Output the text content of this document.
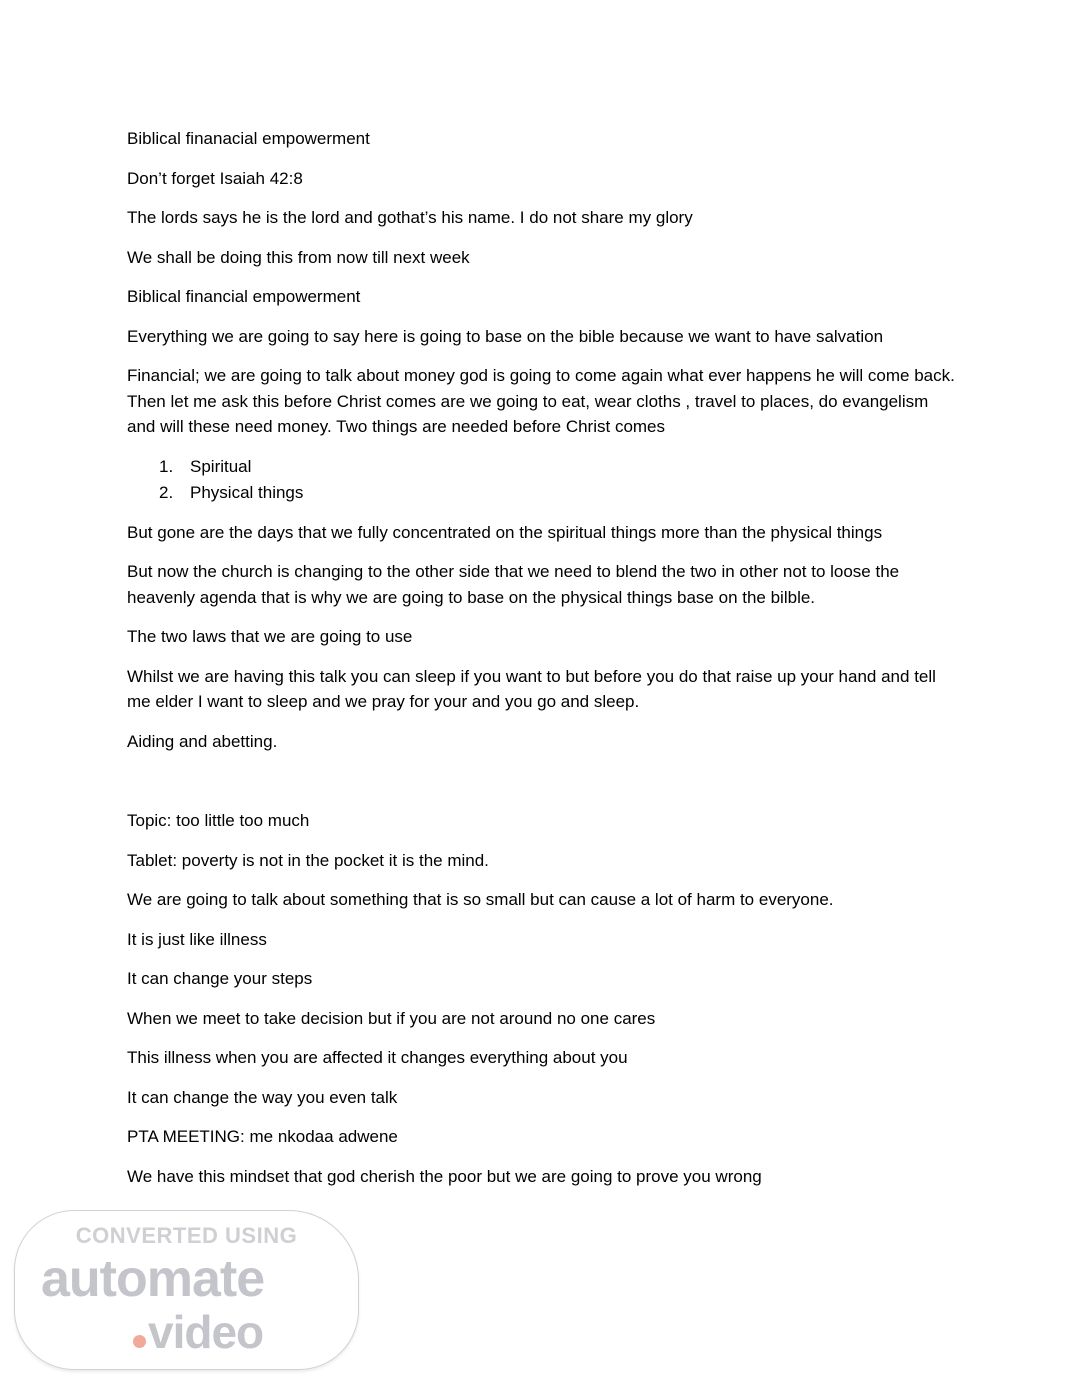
Biblical finanacial empowerment

Don’t forget Isaiah 42:8

The lords says he is the lord and gothat’s his name. I do not share my glory

We shall be doing this from now till next week

Biblical financial empowerment

Everything we are going to say here is going to base on the bible because we want to have salvation

Financial; we are going to talk about money god is going to come again what ever happens he will come back. Then let me ask this before Christ comes are we going to eat, wear cloths , travel to places, do evangelism and will these need money. Two things are needed before Christ comes

1. Spiritual
2. Physical things

But gone are the days that we fully concentrated on the spiritual things more than the physical things

But now the church is changing to the other side that we need to blend the two in other not to loose the heavenly agenda that is why we are going to base on the physical things base on the bilble.

The two laws that we are going to use

Whilst we are having this talk you can sleep if you want to but before you do that raise up your hand and tell me elder I want to sleep and we pray for your and you go and sleep.

Aiding and abetting.

Topic: too little too much

Tablet: poverty is not in the pocket it is the mind.

We are going to talk about something that is so small but can cause a lot of harm to everyone.

It is just like illness

It can change your steps

When we meet to take decision but if you are not around no one cares

This illness when you are affected it changes everything about you

It can change the way you even talk

PTA MEETING: me nkodaa adwene

We have this mindset that god cherish the poor but we are going to prove you wrong

CONVERTED USING
automate
video
